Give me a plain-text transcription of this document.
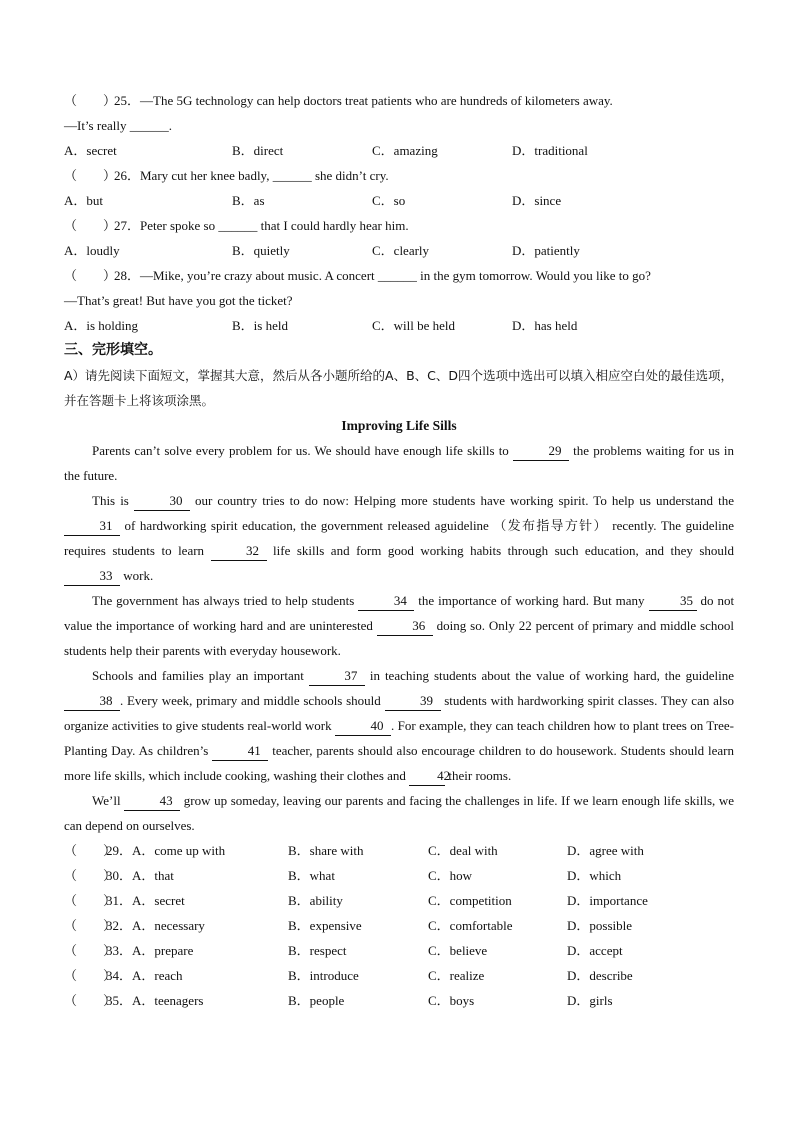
（　　）25．—The 5G technology can help doctors treat patients who are hundreds of kilometers away.
—It’s really ______.
A．secret	B．direct	C．amazing	D．traditional
（　　）26．Mary cut her knee badly, ______ she didn’t cry.
A．but	B．as	C．so	D．since
（　　）27．Peter spoke so ______ that I could hardly hear him.
A．loudly	B．quietly	C．clearly	D．patiently
（　　）28．—Mike, you’re crazy about music. A concert ______ in the gym tomorrow. Would you like to go?
—That’s great! But have you got the ticket?
A．is holding	B．is held	C．will be held	D．has held
三、完形填空。
A）请先阅读下面短文，掌握其大意，然后从各小题所给的A、B、C、D四个选项中选出可以填入相应空白处的最佳选项，并在答题卡上将该项涂黑。
Improving Life Sills
Parents can’t solve every problem for us. We should have enough life skills to	29 the problems waiting for us in the future.
This is	30 our country tries to do now: Helping more students have working spirit. To help us understand the 31 of hardworking spirit education, the government released aguideline （发布指导方针） recently. The guideline requires students to learn	32 life skills and form good working habits through such education, and they should 33 work.
The government has always tried to help students	34 the importance of working hard. But many	35 do not value the importance of working hard and are uninterested	36 doing so. Only 22 percent of primary and middle school students help their parents with everyday housework.
Schools and families play an important	37 in teaching students about the value of working hard, the guideline 38 . Every week, primary and middle schools should	39 students with hardworking spirit classes. They can also organize activities to give students real-world work	40 . For example, they can teach children how to plant trees on Tree-Planting Day. As children’s	41 teacher, parents should also encourage children to do housework. Students should learn more life skills, which include cooking, washing their clothes and 42 their rooms.
We’ll	43 grow up someday, leaving our parents and facing the challenges in life. If we learn enough life skills, we can depend on ourselves.
（　　）
29．A．come up with	B．share with	C．deal with	D．agree with
（　　）
30．A．that	B．what	C．how	D．which
（　　）
31．A．secret	B．ability	C．competition	D．importance
（　　）
32．A．necessary	B．expensive	C．comfortable	D．possible
（　　）
33．A．prepare	B．respect	C．believe	D．accept
（　　）
34．A．reach	B．introduce	C．realize	D．describe
（　　）
35．A．teenagers	B．people	C．boys	D．girls
